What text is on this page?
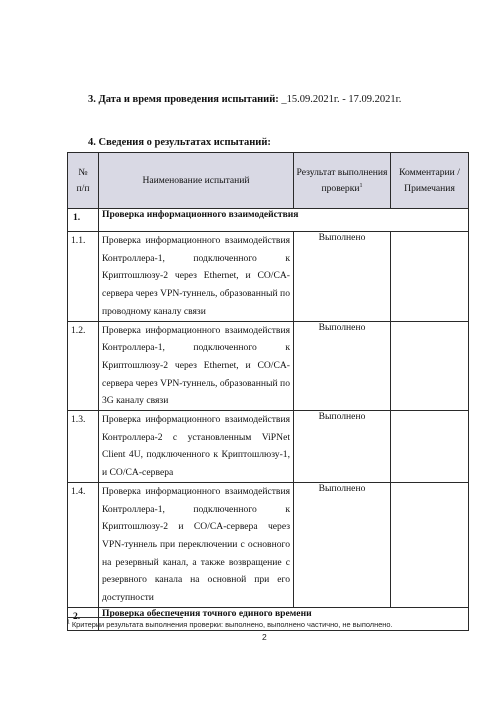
3. Дата и время проведения испытаний: _15.09.2021г. - 17.09.2021г.
4. Сведения о результатах испытаний:
№
п/п	Наименование испытаний	Результат выполнения проверки$^1$	Комментарии /Примечания
1.	Проверка информационного взаимодействия		
1.1.	Проверка информационного взаимодействия Контроллера-1, подключенного к Криптошлюзу-2 через Ethernet, и CO/CA-сервера через VPN-туннель, образованный по проводному каналу связи	Выполнено	
1.2.	Проверка информационного взаимодействия Контроллера-1, подключенного к Криптошлюзу-2 через Ethernet, и CO/CA-сервера через VPN-туннель, образованный по 3G каналу связи	Выполнено	
1.3.	Проверка информационного взаимодействия Контроллера-2 с установленным ViPNet Client 4U, подключенного к Криптошлюзу-1, и CO/CA-сервера	Выполнено	
1.4.	Проверка информационного взаимодействия Контроллера-1, подключенного к Криптошлюзу-2 и CO/CA-сервера через VPN-туннель при переключении с основного на резервный канал, а также возвращение с резервного канала на основной при его доступности	Выполнено	
2.	Проверка обеспечения точного единого времени		
$^1$ Критерии результата выполнения проверки: выполнено, выполнено частично, не выполнено.
2
